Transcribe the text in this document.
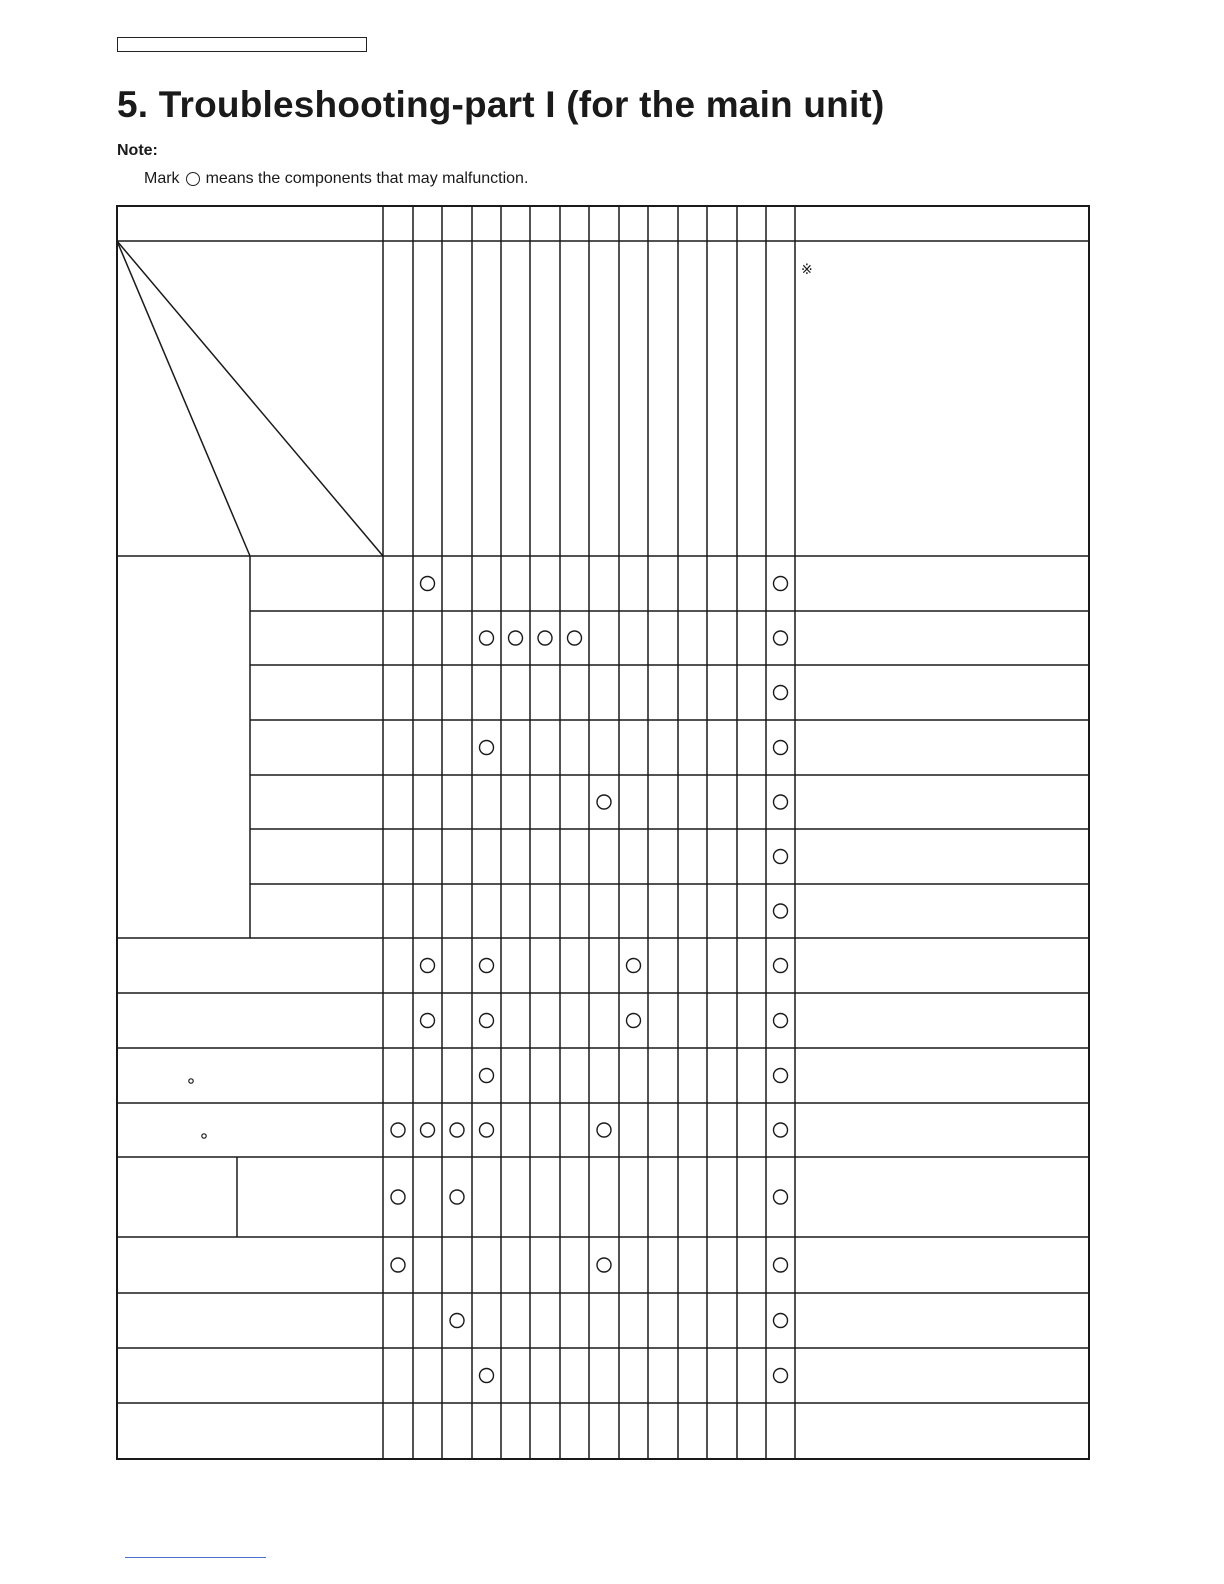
5. Troubleshooting-part I (for the main unit)
Note:
Mark ○ means the components that may malfunction.
※
